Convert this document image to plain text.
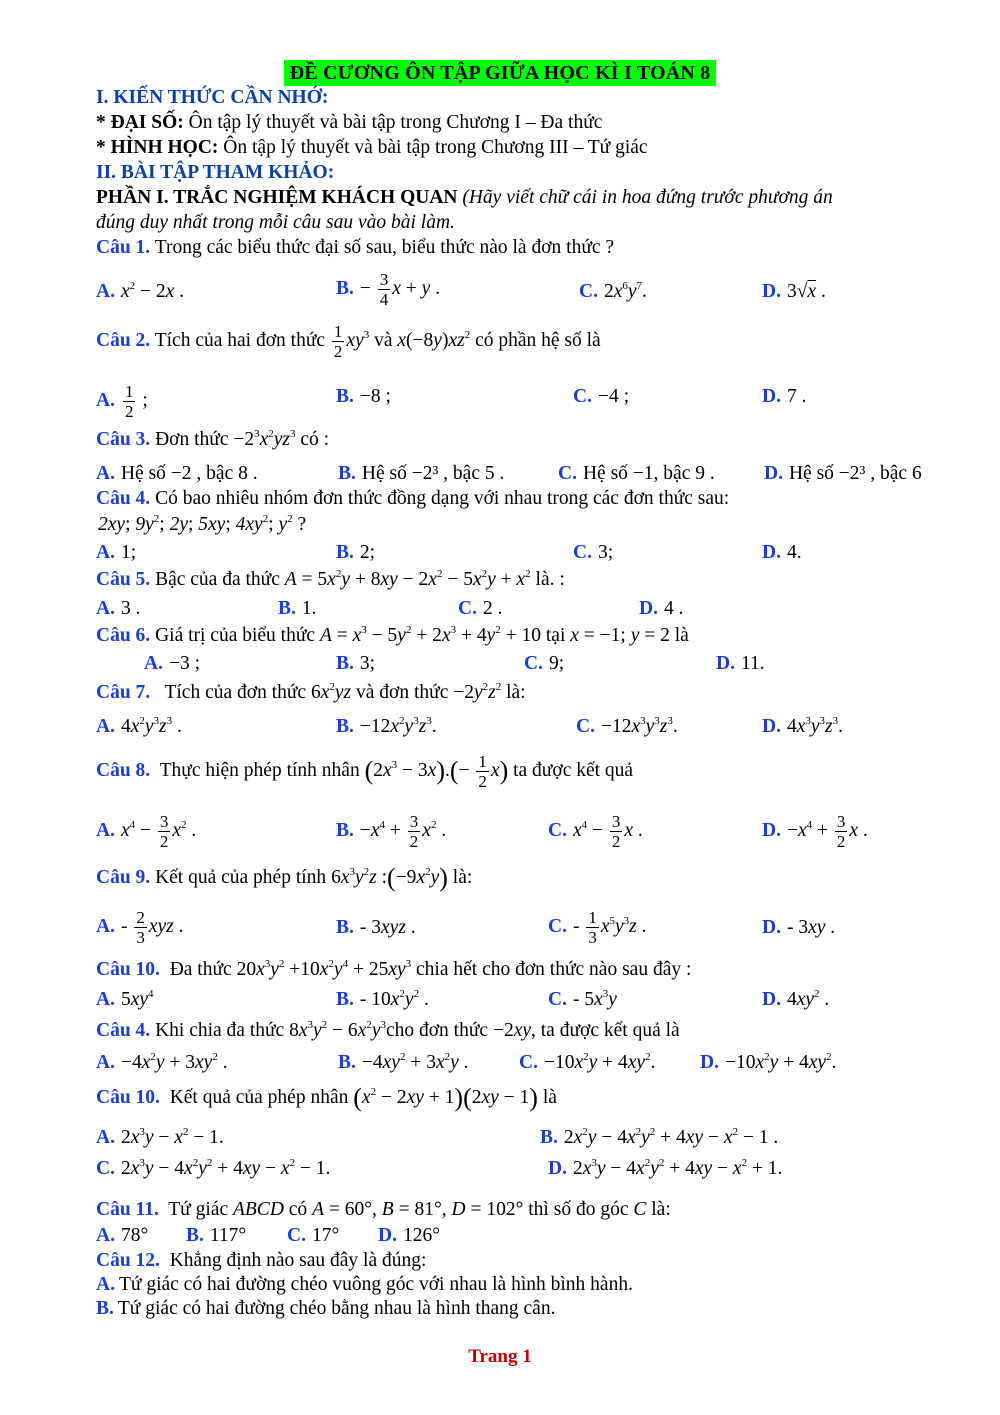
ĐỀ CƯƠNG ÔN TẬP GIỮA HỌC KÌ I TOÁN 8
I. KIẾN THỨC CẦN NHỚ:
* ĐẠI SỐ: Ôn tập lý thuyết và bài tập trong Chương I – Đa thức
* HÌNH HỌC: Ôn tập lý thuyết và bài tập trong Chương III – Tứ giác
II. BÀI TẬP THAM KHẢO:
PHẦN I. TRẮC NGHIỆM KHÁCH QUAN (Hãy viết chữ cái in hoa đứng trước phương án
đúng duy nhất trong mỗi câu sau vào bài làm.
Câu 1. Trong các biểu thức đại số sau, biểu thức nào là đơn thức ?
A. $x^2 - 2x$ .	B. − $\frac{3}{4}$ x + y .	C. $2x^6y^7$.	D. 3√x .
Câu 2. Tích của hai đơn thức $\frac{1}{2} xy^3$ và $x(-8y)xz^2$ có phần hệ số là
A. $\frac{1}{2}$ ;	B. −8 ;	C. −4 ;	D. 7 .
Câu 3. Đơn thức $-2^3x^2yz^3$ có :
A. Hệ số −2 , bậc 8 .	B. Hệ số −2³ , bậc 5 .	C. Hệ số −1, bậc 9 .	D. Hệ số −2³ , bậc 6
Câu 4. Có bao nhiêu nhóm đơn thức đồng dạng với nhau trong các đơn thức sau:
2xy; $9y^2$; 2y; 5xy; $4xy^2$; $y^2$ ?
A. 1;	B. 2;	C. 3;	D. 4.
Câu 5. Bậc của đa thức $A = 5x^2y + 8xy - 2x^2 - 5x^2y + x^2$ là. :
A. 3 .	B. 1.	C. 2 .	D. 4 .
Câu 6. Giá trị của biểu thức $A = x^3 - 5y^2 + 2x^3 + 4y^2 + 10$ tại x = −1; y = 2 là
A. −3 ;	B. 3;	C. 9;	D. 11.
Câu 7. Tích của đơn thức $6x^2yz$ và đơn thức $-2y^2z^2$ là:
A. $4x^2y^3z^3$ .	B. $-12x^2y^3z^3$.	C. $-12x^3y^3z^3$.	D. $4x^3y^3z^3$.
Câu 8. Thực hiện phép tính nhân $(2x^3 - 3x).(- \frac{1}{2} x)$ ta được kết quả
A. $x^4 - \frac{3}{2} x^2$ .	B. $-x^4 + \frac{3}{2} x^2$ .	C. $x^4 - \frac{3}{2}$ x .	D. $-x^4 + \frac{3}{2}$ x .
Câu 9. Kết quả của phép tính $6x^3y^2z$ $:(-9x^2y)$ là:
A. - $\frac{2}{3}$ xyz .	B. - 3xyz .	C. - $\frac{1}{3} x^5y^3z$ .	D. - 3xy .
Câu 10. Đa thức $20x^3y^2 +10x^2y^4 + 25xy^3$ chia hết cho đơn thức nào sau đây :
A. $5xy^4$	B. - $10x^2y^2$ .	C. - $5x^3y$	D. $4xy^2$ .
Câu 4. Khi chia đa thức $8x^3y^2 - 6x^2y^3cho$ đơn thức −2xy, ta được kết quả là
A. $-4x^2y + 3xy^2$ .	B. $-4xy^2 + 3x^2y$ .	C. $-10x^2y + 4xy^2$. D. $-10x^2y + 4xy^2$.
Câu 10. Kết quả của phép nhân $(x^2 - 2xy + 1)(2xy - 1)$ là
A. $2x^3y - x^2 - 1$.	B. $2x^2y - 4x^2y^2 + 4xy - x^2 - 1$ .
C. $2x^3y - 4x^2y^2 + 4xy - x^2 - 1$.	D. $2x^3y - 4x^2y^2 + 4xy - x^2 + 1$.
Câu 11. Tứ giác ABCD có A = 60°, B = 81°, D = 102° thì số đo góc C là:
A. 78° B. 117° C. 17° D. 126°
Câu 12. Khẳng định nào sau đây là đúng:
A. Tứ giác có hai đường chéo vuông góc với nhau là hình bình hành.
B. Tứ giác có hai đường chéo bằng nhau là hình thang cân.
Trang 1
